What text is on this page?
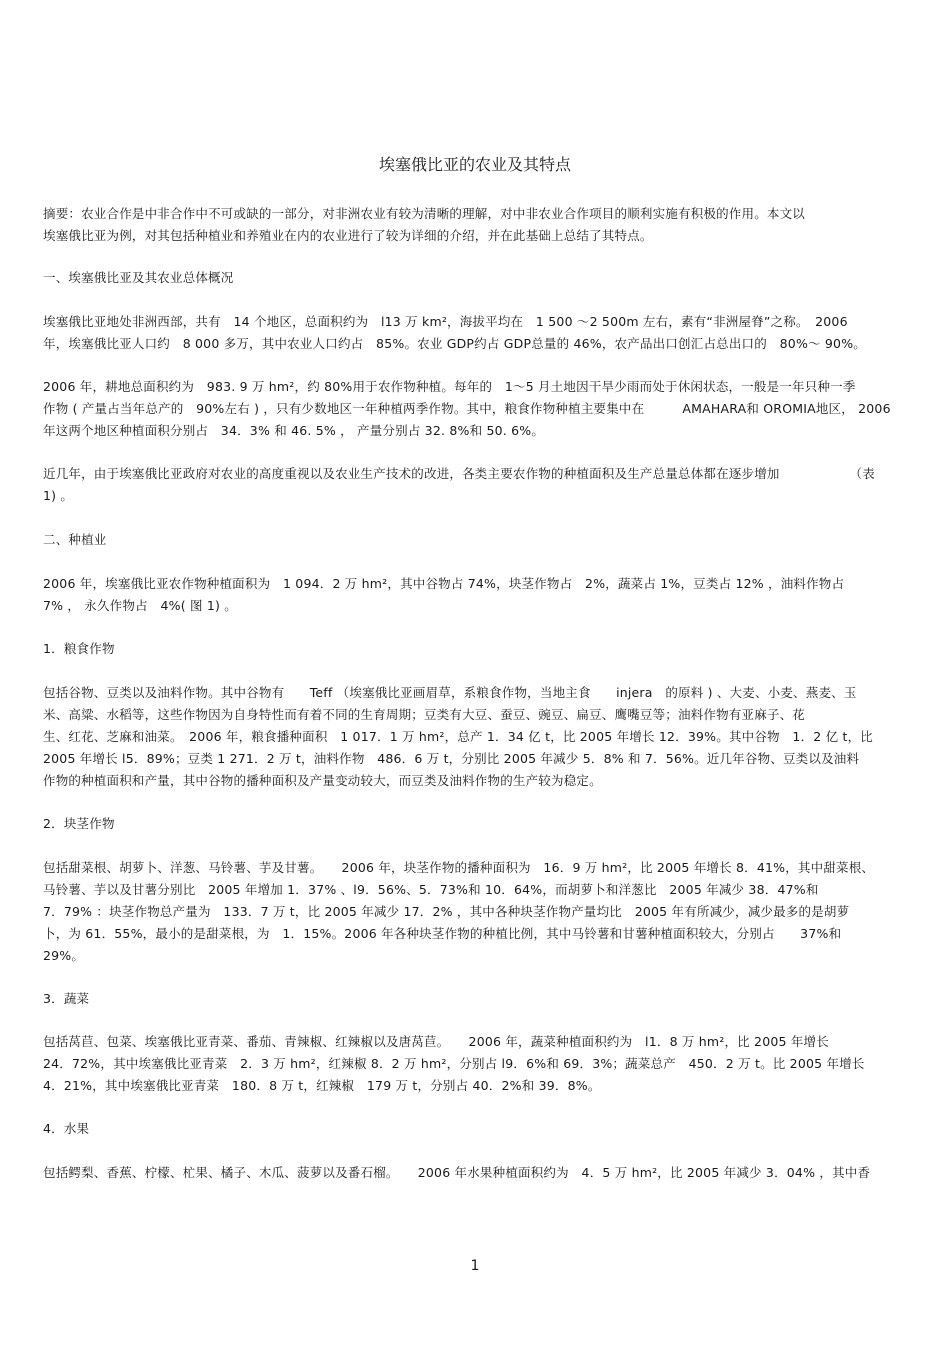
埃塞俄比亚的农业及其特点

摘要：农业合作是中非合作中不可或缺的一部分，对非洲农业有较为清晰的理解，对中非农业合作项目的顺利实施有积极的作用。本文以
埃塞俄比亚为例，对其包括种植业和养殖业在内的农业进行了较为详细的介绍，并在此基础上总结了其特点。

一、埃塞俄比亚及其农业总体概况

埃塞俄比亚地处非洲西部，共有　14 个地区，总面积约为　l13 万 km²，海拔平均在　1 500 ～2 500m 左右，素有“非洲屋脊”之称。　2006
年，埃塞俄比亚人口约　8 000 多万，其中农业人口约占　85%。农业 GDP约占 GDP总量的 46%，农产品出口创汇占总出口的　80%～ 90%。

2006 年，耕地总面积约为　983. 9 万 hm²，约 80%用于农作物种植。每年的　1～5 月土地因干旱少雨而处于休闲状态，一般是一年只种一季
作物 ( 产量占当年总产的　90%左右 ) ，只有少数地区一年种植两季作物。其中，粮食作物种植主要集中在　　　AMAHARA和 OROMIA地区， 2006
年这两个地区种植面积分别占　34．3% 和 46. 5% ， 产量分别占 32. 8%和 50. 6%。

近几年，由于埃塞俄比亚政府对农业的高度重视以及农业生产技术的改进，各类主要农作物的种植面积及生产总量总体都在逐步增加　　　　　　（表
1) 。

二、种植业

2006 年，埃塞俄比亚农作物种植面积为　1 094．2 万 hm²，其中谷物占 74%，块茎作物占　2%，蔬菜占 1%，豆类占 12% ，油料作物占
7% ， 永久作物占　4%( 图 1) 。

1．粮食作物

包括谷物、豆类以及油料作物。其中谷物有　　Teff （埃塞俄比亚画眉草，系粮食作物，当地主食　　injera　的原料 ) 、大麦、小麦、燕麦、玉
米、高粱、水稻等，这些作物因为自身特性而有着不同的生育周期；豆类有大豆、蚕豆、豌豆、扁豆、鹰嘴豆等；油料作物有亚麻子、花
生、红花、芝麻和油菜。　2006 年，粮食播种面积　1 017．1 万 hm²，总产 1．34 亿 t，比 2005 年增长 12．39%。其中谷物　1．2 亿 t，比
2005 年增长 l5．89%；豆类 1 271．2 万 t，油料作物　486．6 万 t，分别比 2005 年减少 5．8% 和 7．56%。近几年谷物、豆类以及油料
作物的种植面积和产量，其中谷物的播种面积及产量变动较大，而豆类及油料作物的生产较为稳定。

2．块茎作物

包括甜菜根、胡萝卜、洋葱、马铃薯、芋及甘薯。　　2006 年，块茎作物的播种面积为　16．9 万 hm²，比 2005 年增长 8．41%，其中甜菜根、
马铃薯、芋以及甘薯分别比　2005 年增加 1．37% 、l9．56%、5．73%和 10．64%，而胡萝卜和洋葱比　2005 年减少 38．47%和
7．79% ：块茎作物总产量为　133．7 万 t，比 2005 年减少 17．2% ，其中各种块茎作物产量均比　2005 年有所减少，减少最多的是胡萝
卜，为 61．55%，最小的是甜菜根，为　1．15%。2006 年各种块茎作物的种植比例，其中马铃薯和甘薯种植面积较大，分别占　　37%和
29%。

3．蔬菜

包括莴苣、包菜、埃塞俄比亚青菜、番茄、青辣椒、红辣椒以及唐莴苣。　　2006 年，蔬菜种植面积约为　l1．8 万 hm²，比 2005 年增长
24．72%，其中埃塞俄比亚青菜　2．3 万 hm²，红辣椒 8．2 万 hm²，分别占 l9．6%和 69．3%；蔬菜总产　450．2 万 t。比 2005 年增长
4．21%，其中埃塞俄比亚青菜　180．8 万 t，红辣椒　179 万 t，分别占 40．2%和 39．8%。

4．水果

包括鳄梨、香蕉、柠檬、杧果、橘子、木瓜、菠萝以及番石榴。　　2006 年水果种植面积约为　4．5 万 hm²，比 2005 年减少 3．04% ，其中香

1
